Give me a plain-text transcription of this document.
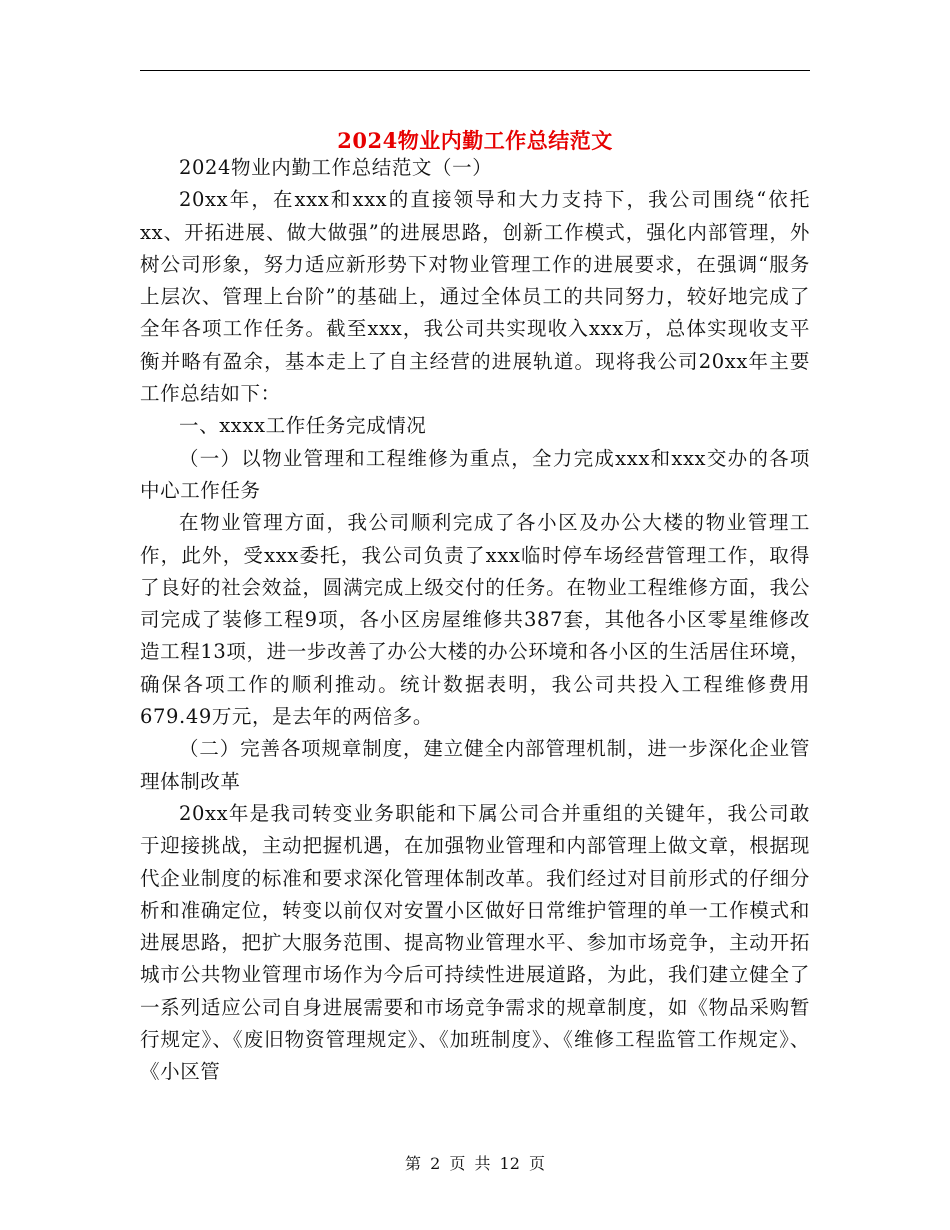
2024物业内勤工作总结范文

2024物业内勤工作总结范文（一）

20xx年，在xxx和xxx的直接领导和大力支持下，我公司围绕“依托xx、开拓进展、做大做强”的进展思路，创新工作模式，强化内部管理，外树公司形象，努力适应新形势下对物业管理工作的进展要求，在强调“服务上层次、管理上台阶”的基础上，通过全体员工的共同努力，较好地完成了全年各项工作任务。截至xxx，我公司共实现收入xxx万，总体实现收支平衡并略有盈余，基本走上了自主经营的进展轨道。现将我公司20xx年主要工作总结如下：

一、xxxx工作任务完成情况

（一）以物业管理和工程维修为重点，全力完成xxx和xxx交办的各项中心工作任务

在物业管理方面，我公司顺利完成了各小区及办公大楼的物业管理工作，此外，受xxx委托，我公司负责了xxx临时停车场经营管理工作，取得了良好的社会效益，圆满完成上级交付的任务。在物业工程维修方面，我公司完成了装修工程9项，各小区房屋维修共387套，其他各小区零星维修改造工程13项，进一步改善了办公大楼的办公环境和各小区的生活居住环境，确保各项工作的顺利推动。统计数据表明，我公司共投入工程维修费用679.49万元，是去年的两倍多。

（二）完善各项规章制度，建立健全内部管理机制，进一步深化企业管理体制改革

20xx年是我司转变业务职能和下属公司合并重组的关键年，我公司敢于迎接挑战，主动把握机遇，在加强物业管理和内部管理上做文章，根据现代企业制度的标准和要求深化管理体制改革。我们经过对目前形式的仔细分析和准确定位，转变以前仅对安置小区做好日常维护管理的单一工作模式和进展思路，把扩大服务范围、提高物业管理水平、参加市场竞争，主动开拓城市公共物业管理市场作为今后可持续性进展道路，为此，我们建立健全了一系列适应公司自身进展需要和市场竞争需求的规章制度，如《物品采购暂行规定》、《废旧物资管理规定》、《加班制度》、《维修工程监管工作规定》、《小区管

第 2 页 共 12 页
